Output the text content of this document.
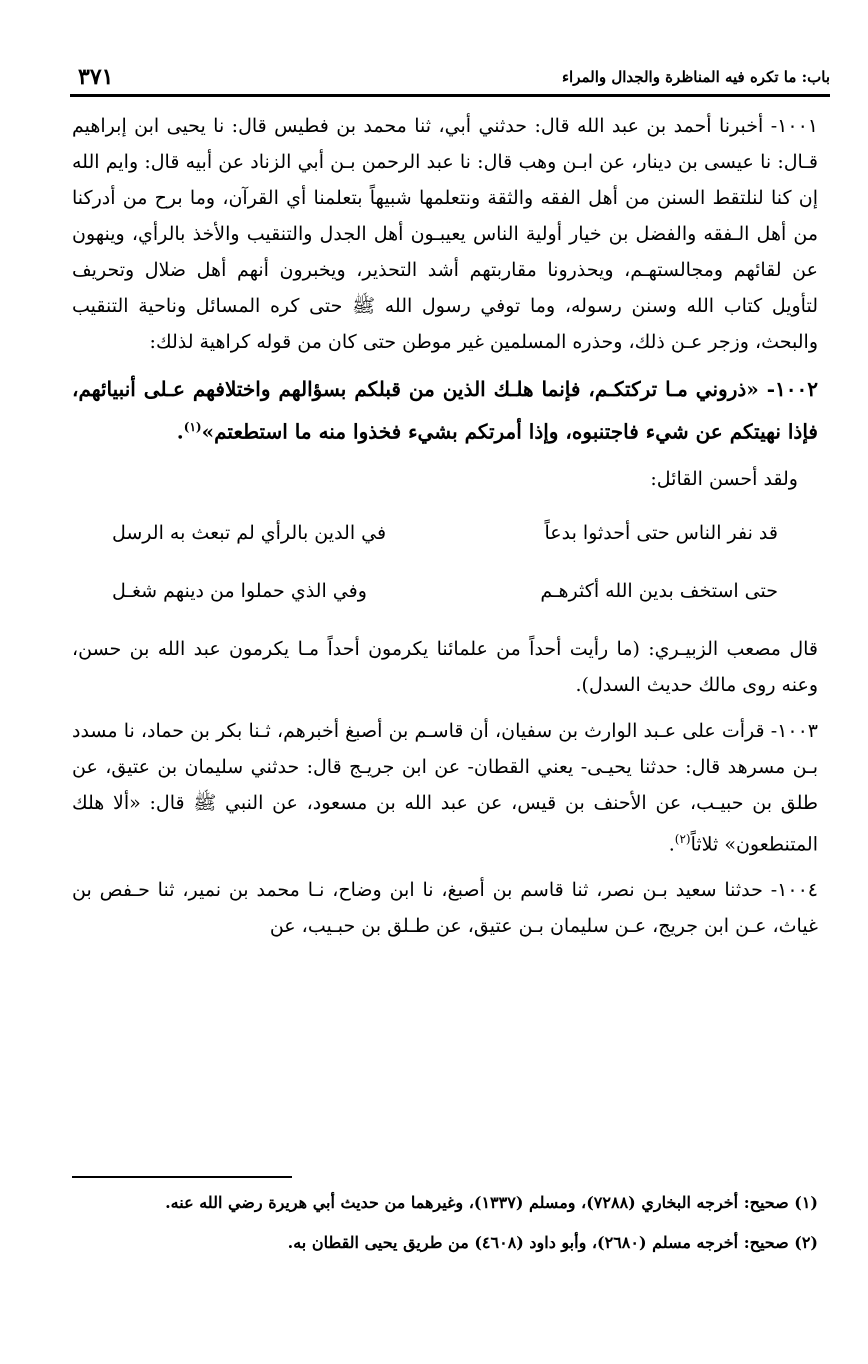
٣٧١	باب: ما تكره فيه المناظرة والجدال والمراء

١٠٠١- أخبرنا أحمد بن عبد الله قال: حدثني أبي، ثنا محمد بن فطيس قال: نا يحيى ابن إبراهيم قـال: نا عيسى بن دينار، عن ابـن وهب قال: نا عبد الرحمن بـن أبي الزناد عن أبيه قال: وايم الله إن كنا لنلتقط السنن من أهل الفقه والثقة ونتعلمها شبيهاً بتعلمنا أي القرآن، وما برح من أدركنا من أهل الـفقه والفضل بن خيار أولية الناس يعيبـون أهل الجدل والتنقيب والأخذ بالرأي، وينهون عن لقائهم ومجالستهـم، ويحذرونا مقاربتهم أشد التحذير، ويخبرون أنهم أهل ضلال وتحريف لتأويل كتاب الله وسنن رسوله، وما توفي رسول الله ﷺ حتى كره المسائل وناحية التنقيب والبحث، وزجر عـن ذلك، وحذره المسلمين غير موطن حتى كان من قوله كراهية لذلك:

١٠٠٢- «ذروني مـا تركتكـم، فإنما هلـك الذين من قبلكم بسؤالهم واختلافهم عـلى أنبيائهم، فإذا نهيتكم عن شيء فاجتنبوه، وإذا أمرتكم بشيء فخذوا منه ما استطعتم»$^{(١)}$.

ولقد أحسن القائل:

قد نفر الناس حتى أحدثوا بدعاً
في الدين بالرأي لم تبعث به الرسل
حتى استخف بدين الله أكثرهـم
وفي الذي حملوا من دينهم شغـل

قال مصعب الزبيـري: (ما رأيت أحداً من علمائنا يكرمون أحداً مـا يكرمون عبد الله بن حسن، وعنه روى مالك حديث السدل).

١٠٠٣- قرأت على عـبد الوارث بن سفيان، أن قاسـم بن أصبغ أخبرهم، ثـنا بكر بن حماد، نا مسدد بـن مسرهد قال: حدثنا يحيـى- يعني القطان- عن ابن جريـج قال: حدثني سليمان بن عتيق، عن طلق بن حبيـب، عن الأحنف بن قيس، عن عبد الله بن مسعود، عن النبي ﷺ قال: «ألا هلك المتنطعون» ثلاثاً$^{(٢)}$.

١٠٠٤- حدثنا سعيد بـن نصر، ثنا قاسم بن أصبغ، نا ابن وضاح، نـا محمد بن نمير، ثنا حـفص بن غياث، عـن ابن جريج، عـن سليمان بـن عتيق، عن طـلق بن حبـيب، عن

(١) صحيح: أخرجه البخاري (٧٢٨٨)، ومسلم (١٣٣٧)، وغيرهما من حديث أبي هريرة رضي الله عنه.

(٢) صحيح: أخرجه مسلم (٢٦٨٠)، وأبو داود (٤٦٠٨) من طريق يحيى القطان به.
